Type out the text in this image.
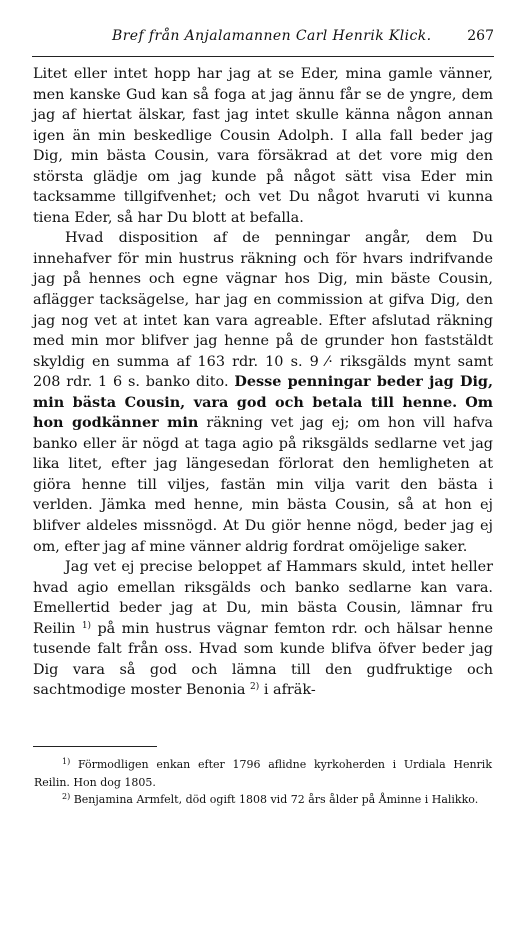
Bref från Anjalamannen Carl Henrik Klick.	267

Litet eller intet hopp har jag at se Eder, mina gamle vänner, men kanske Gud kan så foga at jag ännu får se de yngre, dem jag af hiertat älskar, fast jag intet skulle känna någon annan igen än min beskedlige Cousin Adolph. I alla fall beder jag Dig, min bästa Cousin, vara försäkrad at det vore mig den största glädje om jag kunde på något sätt visa Eder min tacksamme tillgifvenhet; och vet Du något hvaruti vi kunna tiena Eder, så har Du blott at befalla.

Hvad disposition af de penningar angår, dem Du innehafver för min hustrus räkning och för hvars indrifvande jag på hennes och egne vägnar hos Dig, min bäste Cousin, aflägger tacksägelse, har jag en commission at gifva Dig, den jag nog vet at intet kan vara agreable. Efter afslutad räkning med min mor blifver jag henne på de grunder hon faststäldt skyldig en summa af 163 rdr. 10 s. 9 ⁄· riksgälds mynt samt 208 rdr. 1 6 s. banko dito. Desse penningar beder jag Dig, min bästa Cousin, vara god och betala till henne. Om hon godkänner min räkning vet jag ej; om hon vill hafva banko eller är nögd at taga agio på riksgälds sedlarne vet jag lika litet, efter jag längesedan förlorat den hemligheten at giöra henne till viljes, fastän min vilja varit den bästa i verlden. Jämka med henne, min bästa Cousin, så at hon ej blifver aldeles missnögd. At Du giör henne nögd, beder jag ej om, efter jag af mine vänner aldrig fordrat omöjelige saker.

Jag vet ej precise beloppet af Hammars skuld, intet heller hvad agio emellan riksgälds och banko sedlarne kan vara. Emellertid beder jag at Du, min bästa Cousin, lämnar fru Reilin $^{1)}$ på min hustrus vägnar femton rdr. och hälsar henne tusende falt från oss. Hvad som kunde blifva öfver beder jag Dig vara så god och lämna till den gudfruktige och sachtmodige moster Benonia $^{2)}$ i afräk-

$^{1)}$ Förmodligen enkan efter 1796 aflidne kyrkoherden i Urdiala Henrik Reilin. Hon dog 1805.

$^{2)}$ Benjamina Armfelt, död ogift 1808 vid 72 års ålder på Åminne i Halikko.
